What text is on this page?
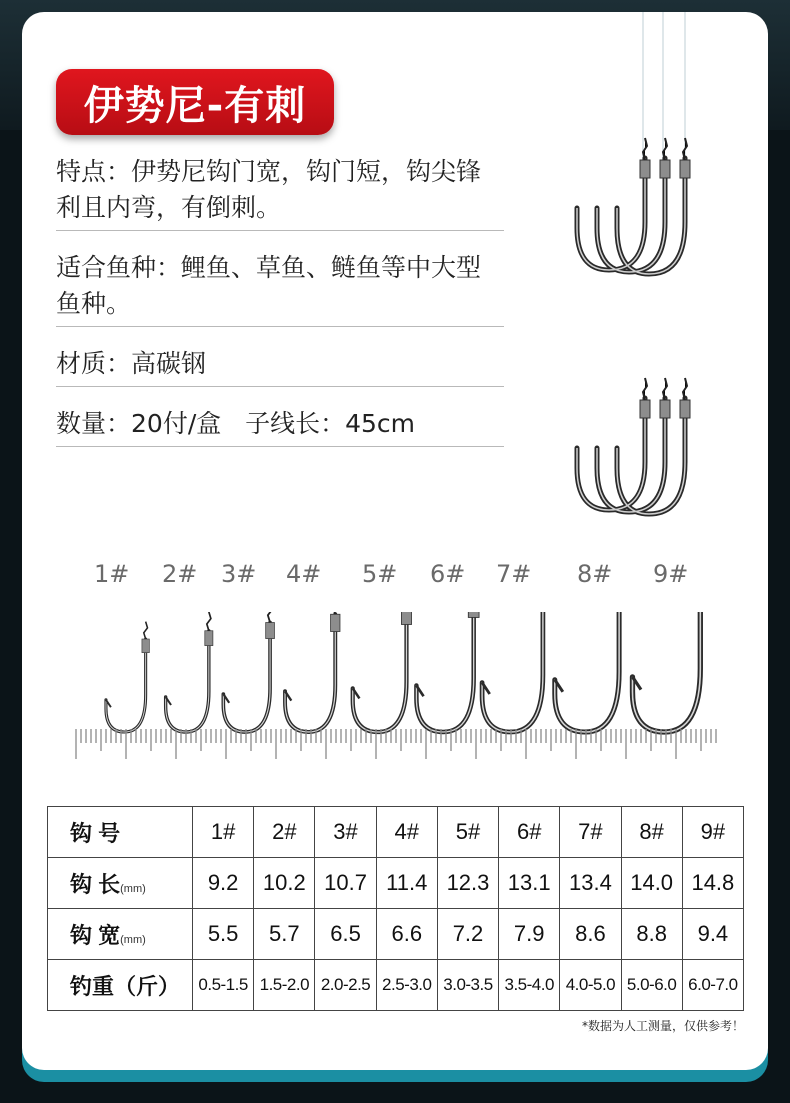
伊势尼-有刺
特点：伊势尼钩门宽，钩门短，钩尖锋利且内弯，有倒刺。
适合鱼种：鲤鱼、草鱼、鲢鱼等中大型鱼种。
材质：高碳钢
数量：20付/盒   子线长：45cm
1# 2# 3# 4# 5# 6# 7# 8# 9#
钩 号	1#	2#	3#	4#	5#	6#	7#	8#	9#
钩 长(mm)	9.2	10.2	10.7	11.4	12.3	13.1	13.4	14.0	14.8
钩 宽(mm)	5.5	5.7	6.5	6.6	7.2	7.9	8.6	8.8	9.4
钓重（斤）	0.5-1.5	1.5-2.0	2.0-2.5	2.5-3.0	3.0-3.5	3.5-4.0	4.0-5.0	5.0-6.0	6.0-7.0
*数据为人工测量，仅供参考！
